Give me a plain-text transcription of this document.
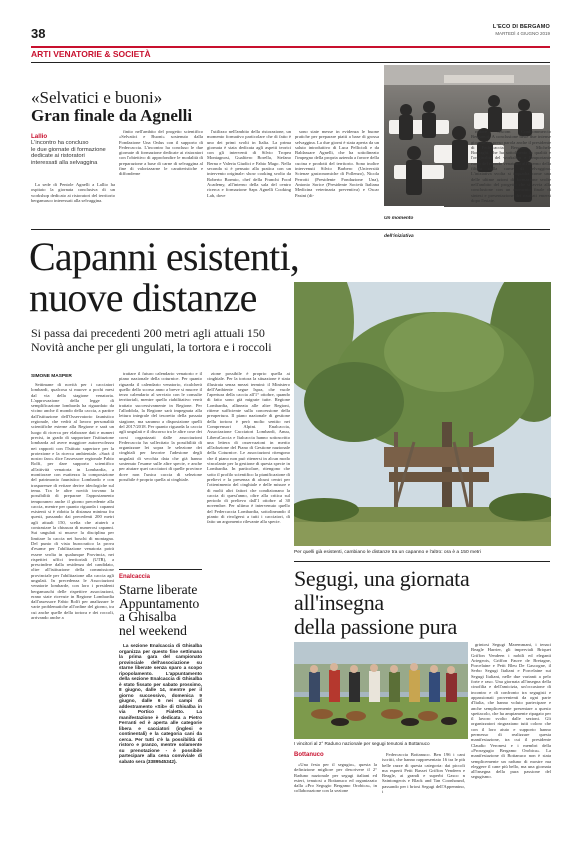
38	L'ECO DI BERGAMO
MARTEDÌ 4 GIUGNO 2019
ARTI VENATORIE & SOCIETÀ
«Selvatici e buoni»
Gran finale da Agnelli
Lallio
L'incontro ha concluso
le due giornate di formazione
dedicate ai ristoratori
interessati alla selvaggina

La sede di Pentole Agnelli a Lallio ha ospitato la giornata conclusiva di un workshop dedicato ai ristoratori del territorio bergamasco interessati alla selvaggina.

finito nell'ambito del progetto scientifico «Selvatici e Buoni» sostenuto dalla Fondazione Una Onlus con il supporto di Federcaccia. L'incontro ha concluso le due giornate di formazione dedicate ai ristoratori con l'obiettivo di approfondire le modalità di preparazione a base di carne di selvaggina al fine di valorizzarne le caratteristiche e diffonderne

l'utilizzo nell'ambito della ristorazione, un momento formativo particolare che di fatto è uno dei primi svolti in Italia. La prima giornata è stata dedicata agli aspetti teorici con gli interventi di Silvio Tropea Montagnosi, Gualtiero Borella, Stefano Berna e Valeria Giudici e Fabio Mago. Nella seconda si è pensato alla pratica con un intervento originale: show cooking svolto da Roberto Bormio, chef della Franchi Food Academy, all'interno della sala del centro ricerca e formazione Saps Agnelli Cooking Lab, dove

sono state messe in evidenza le buone pratiche per preparare piatti a base di grossa selvaggina. La due giorni è stata aperta da un saluto introduttivo di Luca Pellicioli e da Baldassare Agnelli, che ha sottolineato l'impegno della propria azienda a favore della cucina e prodotti del territorio. Sono inoltre intervenuti Silvio Barbero (Università Scienze gastronomiche di Pollenzo), Nicola Perrotti (Presidente Fondazione Una), Antonio Sorice (Presidente Società Italiana Medicina veterinaria preventiva) e Oscar Pasini (di-

Un momento dell'iniziativa

rettore Ascom Confcommercio Bergamo). A conclusione delle due intense giornate ha preso parola anche il presidente di Federcaccia Bergamo, Michele Bornaghi, che ha sottolineato la qualità e l'originalità del workshop e l'importante ruolo del mondo venatorio all'interno della filiera della carne di selvaggina. L'iniziativa svolta si inquadra come una delle ultime azioni di formazione svolte nell'ambito del progetto che si avvia alla conclusione con un momento finale di sintesi e presentazione dei risultati emersi dopo l'estate.

Capanni esistenti,
nuove distanze
Si passa dai precedenti 200 metri agli attuali 150
Novità anche per gli ungulati, la tortora e i roccoli
SIMONE MASPER

Settimane di novità per i cacciatori lombardi, qualcosa si muove a pochi mesi dal via della stagione venatoria. L'approvazione della legge di semplificazione lombarda ha riguardato da vicino anche il mondo della caccia, a partire dall'istituzione dell'Osservatorio faunistico regionale, che vedrà al lavoro personalità scientifiche esterne alla Regione e sarà un luogo di ricerca per elaborare dati e numeri precisi, in grado di supportare l'istituzione lombarda ad avere maggiore autorevolezza nei rapporti con l'Istituto superiore per la protezione e la ricerca ambientale. «Sarà il nostro faro» dice l'assessore regionale Fabio Rolfi, per dare supporto scientifico all'attività venatoria in Lombardia, a monitorare con esattezza la composizione del patrimonio faunistico Lombardo e con trasparenze di evitare derive ideologiche sul tema. Tra le altre novità trovano la possibilità di preparare l'appostamento temporaneo anche il giorno precedente alla caccia, mentre per quanto riguarda i capanni esistenti si è ridotta la distanza minima fra questi, passando dai precedenti 200 metri agli attuali 150, scelta che aiuterà a contrastare la chiusura di numerosi capanni. Sui ungulati si muove la disciplina per limitare la caccia nei boschi di montagna. Del punto di vista burocratico la prova d'esame per l'abilitazione venatoria potrà essere svolta in qualunque Provincia, nei rispettivi uffici territoriali (UTR), a prescindere dalla residenza del candidato, oltre all'istituzione della commissione provinciale per l'abilitazione alla caccia agli ungulati. In precedenza le Associazioni venatorie lombarde, con loro i presidenti bergamaschi delle rispettive associazioni, erano state ricevute in Regione Lombardia dall'assessore Fabio Rolfi per analizzare le varie problematiche all'ordine del giorno, tra cui anche quelle della tortora e dei roccoli, arrivando anche a

trattare il futuro calendario venatorio e il piano nazionale della coturnice. Per quanto riguarda il calendario venatorio, ricalcherà quello dello scorso anno a breve si muove il terzo calendario al servizio con le consulte territoriali, mentre quello riabilitativo verrà trattato successivamente in Regione. Per l'alloddola, la Regione sarà impegnata alla lettura integrale del tesoretto della passata stagione, ma saranno a disposizione quelli del 2017/2018. Per quanto riguarda la caccia agli ungulati e il discorso tra le altre cose dei corsi organizzati dalle associazioni Federcaccia ha sollecitato la possibilità di organizzare lei sopra le selezione dei cinghiali per favorire l'adesione degli ungulati di vecchia data che già hanno sostenuto l'esame sulle altre specie, e anche per aiutare quei cacciatori di quelle province dove non l'unica caccia di selezione possibile è proprio quella ai cinghiale.

zione possibile è proprio quella ai cinghiale. Per la tortora la situazione è stata illustrata senza mezzi termini: il Ministero dell'Ambiente segue Ispra, che vuole l'apertura della caccia all'1° ottobre, quando di fatto sono già migrate tutte. Regione Lombardia, allineata alle altre Regioni, ritiene sufficiente sulla concessione della preapertura. Il piano nazionale di gestione della tortora è però molto sentito nei Comprensori Alpini. Enalcaccia, Associazione Cacciatori Lombardi, Anuu, LiberaCaccia e Italcaccia hanno sottoscritto una lettera di osservazioni in merito all'adozione del Piano di Gestione nazionale della Coturnice. Le associazioni ritengono che il piano non può ritenersi in alcun modo vincolante per la gestione di questa specie in Lombardia. In particolare, ritengono che sotto il profilo scientifico la pianificazione di prelievi e la presenza di alcuni centri per l'ottenimento del cinghiale e delle misure e di molti altri fattori che condizionano la caccia di quest'anno, oltre alla critica sul periodo di prelievo dall'1 ottobre al 30 novembre. Per ultimo è intervenuto quello del Federcaccia Lombardia, sottolineando il pianto di rivolgersi a tutti i cacciatori, di fatto un argomento rilevante alla specie.

Per quelli già esistenti, cambiano le distanze tra un capanno e l'altro: ora è a 150 metri
Enalcaccia
Starne liberate
Appuntamento
a Ghisalba
nel weekend

La sezione Enalcaccia di Ghisalba organizza per questo fine settimana la prima gara del campionato provinciale dell'associazione su starne liberate senza sparo a scopo ripopolamento. L'appuntamento della sezione Enalcaccia di Ghisalba è stato fissato per sabato prossimo, 8 giugno, dalle 14, mentre per il giorno successivo, domenica 9 giugno, dalle 6 nei campi di addestramento «Sib» di Ghisalba in via Portico Fialetto. La manifestazione è dedicata a Pietro Ferranti ed è aperta alle categorie libera e cacciatori (inglesi e continentali) e la categoria cani da cerca. Per tutti c'è la possibilità di ristoro e pranzo, mentre solamente su prenotazione - è possibile partecipare alla cena conviviale di sabato sera (3389545342).

Segugi, una giornata
all'insegna
della passione pura
I vincitori al 2° Raduno nazionale per segugi tenutosi a Bottanuco
Bottanuco

«Una festa per il segugio», questa la definizione migliore per descrivere il 2° Raduno nazionale per segugi italiani ed esteri, tenutosi a Bottanuco ed organizzato dalla «Pro Segugio Bergamo Orobica», in collaborazione con la sezione

Federcaccia Bottanuco. Ben 196 i cani iscritti, che hanno rappresentato 16 tra le più belle razze di questa categoria: dai piccoli ma esperti Petit Basset Griffon Vendeen e Beagle, ai grandi e superbi Gasco n Saintongeois e Black and Tan Coonhound, passando per i briosi Segugi dell'Appennino, i

grintosi Segugi Maremmani, i tenaci Beagle Harrier, gli imperviali Briquet Griffon Vendeen i nobili ed eleganti Ariegeois, Griffon Fauve de Bretagne, Porcelaine e Petit Bleu De Gascogne, il Serbo Segugi Italiani e Porcelaine sui Segugi Italiani, nelle due varianti a pelo forte e raso. Una giornata all'insegna della cinofilia e dell'amicizia, un'occasione di incontro e di confronto tra segugisti e appassionati provenienti da ogni parte d'Italia, che hanno voluto partecipare e anche semplicemente presentare a questo spettacolo, che ha ampiamente ripagato per il lavoro svolto dalle sezioni. Gli organizzatori ringraziano tutti coloro che con il loro aiuto e supporto hanno permesso di realizzare questa manifestazione, tra cui il presidente Claudio Veronesi e i membri della «Prosegugio Bergamo Orobica». La manifestazione di Bottanuco non è stata semplicemente un raduno di mostre ma eleggere il cane più bello, ma una giornata all'insegna della pura passione del segugismo.
